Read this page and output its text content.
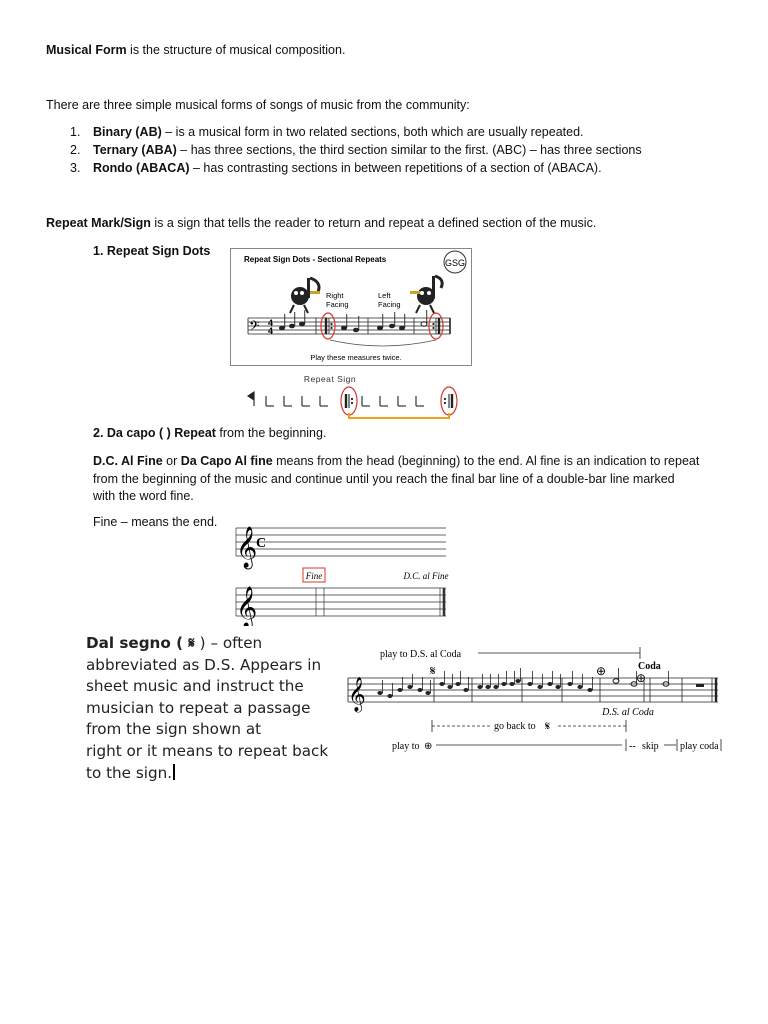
Musical Form is the structure of musical composition.
There are three simple musical forms of songs of music from the community:
1. Binary (AB) – is a musical form in two related sections, both which are usually repeated.
2. Ternary (ABA) – has three sections, the third section similar to the first. (ABC) – has three sections
3. Rondo (ABACA) – has contrasting sections in between repetitions of a section of (ABACA).
Repeat Mark/Sign is a sign that tells the reader to return and repeat a defined section of the music.
1. Repeat Sign Dots
Repeat Sign Dots - Sectional Repeats	GSG
Right
Facing
Left
Facing
𝄢 4
4
Play these measures twice.
Repeat Sign
2. Da capo ( ) Repeat from the beginning.
D.C. Al Fine or Da Capo Al fine means from the head (beginning) to the end. Al fine is an indication to repeat
from the beginning of the music and continue until you reach the final bar line of a double-bar line marked
with the word fine.
Fine – means the end.
𝄞
C
𝄞
Fine	D.C. al Fine
Dal segno ( 𝄋 ) – often
abbreviated as D.S. Appears in
sheet music and instruct the
musician to repeat a passage
from the sign shown at
right or it means to repeat back
to the sign.
play to D.S. al Coda
𝄋	⊕	Coda
⊕
𝄞
D.S. al Coda
go back to 𝄋
play to ⊕	-- skip play coda
